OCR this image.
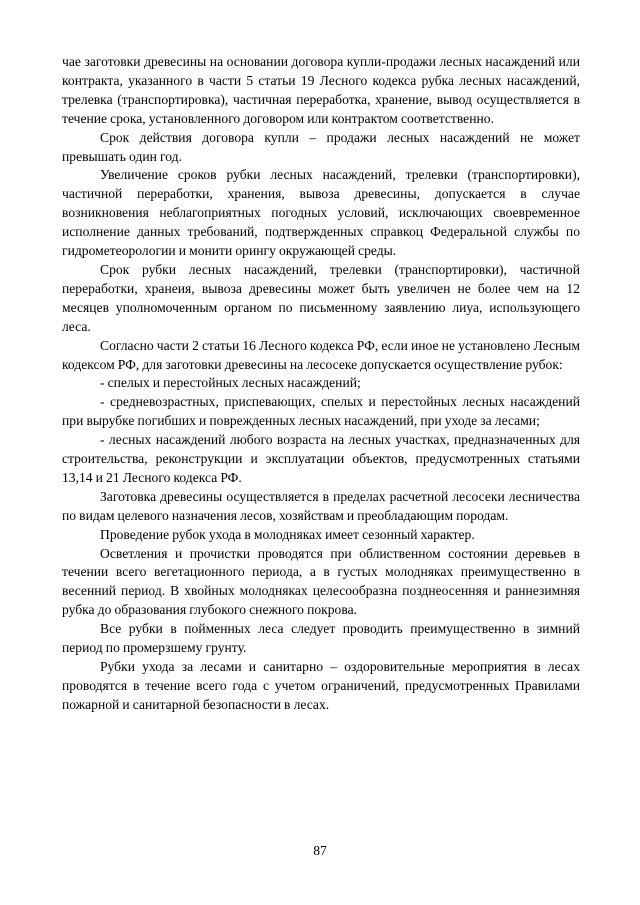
чае заготовки древесины на основании договора купли-продажи лесных насаждений или контракта, указанного в части 5 статьи 19 Лесного кодекса рубка лесных насаждений, трелевка (транспортировка), частичная переработка, хранение, вывод осуществляется в течение срока, установленного договором или контрактом соответственно.

Срок действия договора купли – продажи лесных насаждений не может превышать один год.

Увеличение сроков рубки лесных насаждений, трелевки (транспортировки), частичной переработки, хранения, вывоза древесины, допускается в случае возникновения неблагоприятных погодных условий, исключающих своевременное исполнение данных требований, подтвержденных справкоц Федеральной службы по гидрометеорологии и монити орингу окружающей среды.

Срок рубки лесных насаждений, трелевки (транспортировки), частичной переработки, хранеия, вывоза древесины может быть увеличен не более чем на 12 месяцев уполномоченным органом по письменному заявлению лиуа, использующего леса.

Согласно части 2 статьи 16 Лесного кодекса РФ, если иное не установлено Лесным кодексом РФ, для заготовки древесины на лесосеке допускается осуществление рубок:

- спелых и перестойных лесных насаждений;

- средневозрастных, приспевающих, спелых и перестойных лесных насаждений при вырубке погибших и поврежденных лесных насаждений, при уходе за лесами;

- лесных насаждений любого возраста на лесных участках, предназначенных для строительства, реконструкции и эксплуатации объектов, предусмотренных статьями 13,14 и 21 Лесного кодекса РФ.

Заготовка древесины осуществляется в пределах расчетной лесосеки лесничества по видам целевого назначения лесов, хозяйствам и преобладающим породам.

Проведение рубок ухода в молодняках имеет сезонный характер.

Осветления и прочистки проводятся при облиственном состоянии деревьев в течении всего вегетационного периода, а в густых молодняках преимущественно в весенний период. В хвойных молодняках целесообразна позднеосенняя и раннезимняя рубка до образования глубокого снежного покрова.

Все рубки в пойменных леса следует проводить преимущественно в зимний период по промерзшему грунту.

Рубки ухода за лесами и санитарно – оздоровительные мероприятия в лесах проводятся в течение всего года с учетом ограничений, предусмотренных Правилами пожарной и санитарной безопасности в лесах.

87
